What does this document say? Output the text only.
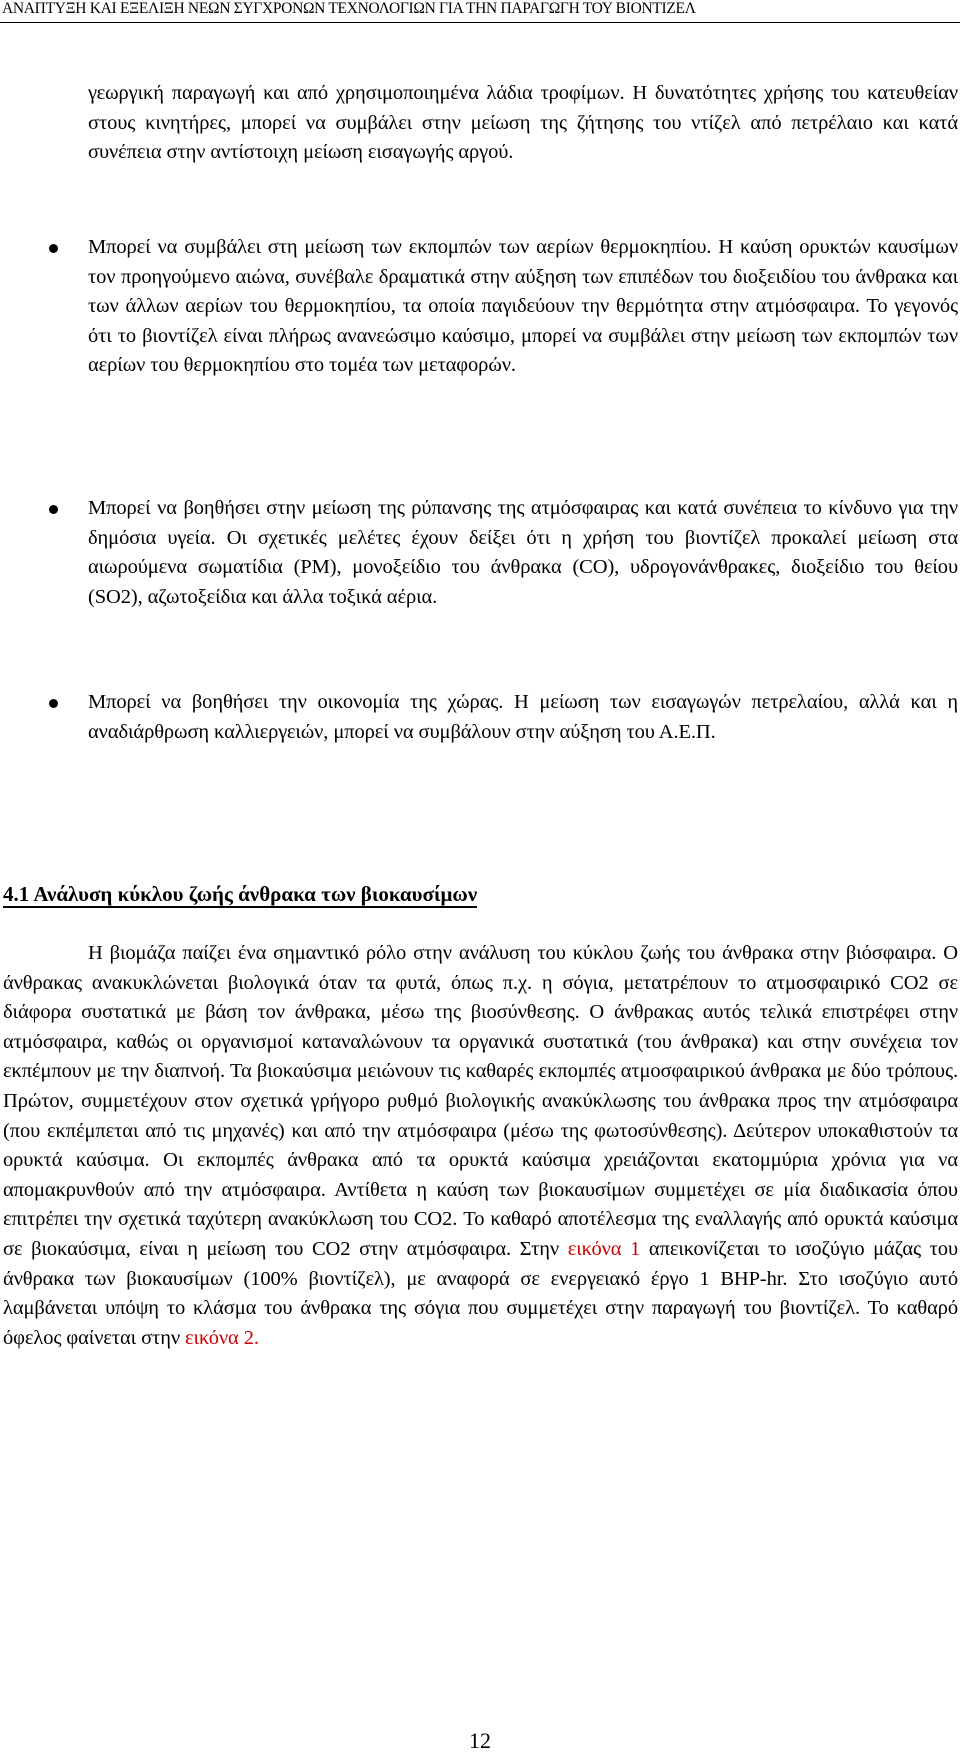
ΑΝΑΠΤΥΞΗ ΚΑΙ ΕΞΕΛΙΞΗ ΝΕΩΝ ΣΥΓΧΡΟΝΩΝ ΤΕΧΝΟΛΟΓΙΩΝ ΓΙΑ ΤΗΝ ΠΑΡΑΓΩΓΗ ΤΟΥ ΒΙΟΝΤΙΖΕΛ

γεωργική παραγωγή και από χρησιμοποιημένα λάδια τροφίμων. Η δυνατότητες χρήσης του κατευθείαν στους κινητήρες, μπορεί να συμβάλει στην μείωση της ζήτησης του ντίζελ από πετρέλαιο και κατά συνέπεια στην αντίστοιχη μείωση εισαγωγής αργού.

Μπορεί να συμβάλει στη μείωση των εκπομπών των αερίων θερμοκηπίου. Η καύση ορυκτών καυσίμων τον προηγούμενο αιώνα, συνέβαλε δραματικά στην αύξηση των επιπέδων του διοξειδίου του άνθρακα και των άλλων αερίων του θερμοκηπίου, τα οποία παγιδεύουν την θερμότητα στην ατμόσφαιρα. Το γεγονός ότι το βιοντίζελ είναι πλήρως ανανεώσιμο καύσιμο, μπορεί να συμβάλει στην μείωση των εκπομπών των αερίων του θερμοκηπίου στο τομέα των μεταφορών.
Μπορεί να βοηθήσει στην μείωση της ρύπανσης της ατμόσφαιρας και κατά συνέπεια το κίνδυνο για την δημόσια υγεία. Οι σχετικές μελέτες έχουν δείξει ότι η χρήση του βιοντίζελ προκαλεί μείωση στα αιωρούμενα σωματίδια (PM), μονοξείδιο του άνθρακα (CO), υδρογονάνθρακες, διοξείδιο του θείου (SO2), αζωτοξείδια και άλλα τοξικά αέρια.
Μπορεί να βοηθήσει την οικονομία της χώρας. Η μείωση των εισαγωγών πετρελαίου, αλλά και η αναδιάρθρωση καλλιεργειών, μπορεί να συμβάλουν στην αύξηση του Α.Ε.Π.
4.1 Ανάλυση κύκλου ζωής άνθρακα των βιοκαυσίμων

Η βιομάζα παίζει ένα σημαντικό ρόλο στην ανάλυση του κύκλου ζωής του άνθρακα στην βιόσφαιρα. Ο άνθρακας ανακυκλώνεται βιολογικά όταν τα φυτά, όπως π.χ. η σόγια, μετατρέπουν το ατμοσφαιρικό CO2 σε διάφορα συστατικά με βάση τον άνθρακα, μέσω της βιοσύνθεσης. Ο άνθρακας αυτός τελικά επιστρέφει στην ατμόσφαιρα, καθώς οι οργανισμοί καταναλώνουν τα οργανικά συστατικά (του άνθρακα) και στην συνέχεια τον εκπέμπουν με την διαπνοή. Τα βιοκαύσιμα μειώνουν τις καθαρές εκπομπές ατμοσφαιρικού άνθρακα με δύο τρόπους. Πρώτον, συμμετέχουν στον σχετικά γρήγορο ρυθμό βιολογικής ανακύκλωσης του άνθρακα προς την ατμόσφαιρα (που εκπέμπεται από τις μηχανές) και από την ατμόσφαιρα (μέσω της φωτοσύνθεσης). Δεύτερον υποκαθιστούν τα ορυκτά καύσιμα. Οι εκπομπές άνθρακα από τα ορυκτά καύσιμα χρειάζονται εκατομμύρια χρόνια για να απομακρυνθούν από την ατμόσφαιρα. Αντίθετα η καύση των βιοκαυσίμων συμμετέχει σε μία διαδικασία όπου επιτρέπει την σχετικά ταχύτερη ανακύκλωση του CO2. Το καθαρό αποτέλεσμα της εναλλαγής από ορυκτά καύσιμα σε βιοκαύσιμα, είναι η μείωση του CO2 στην ατμόσφαιρα. Στην εικόνα 1 απεικονίζεται το ισοζύγιο μάζας του άνθρακα των βιοκαυσίμων (100% βιοντίζελ), με αναφορά σε ενεργειακό έργο 1 BHP-hr. Στο ισοζύγιο αυτό λαμβάνεται υπόψη το κλάσμα του άνθρακα της σόγια που συμμετέχει στην παραγωγή του βιοντίζελ. Το καθαρό όφελος φαίνεται στην εικόνα 2.

12
